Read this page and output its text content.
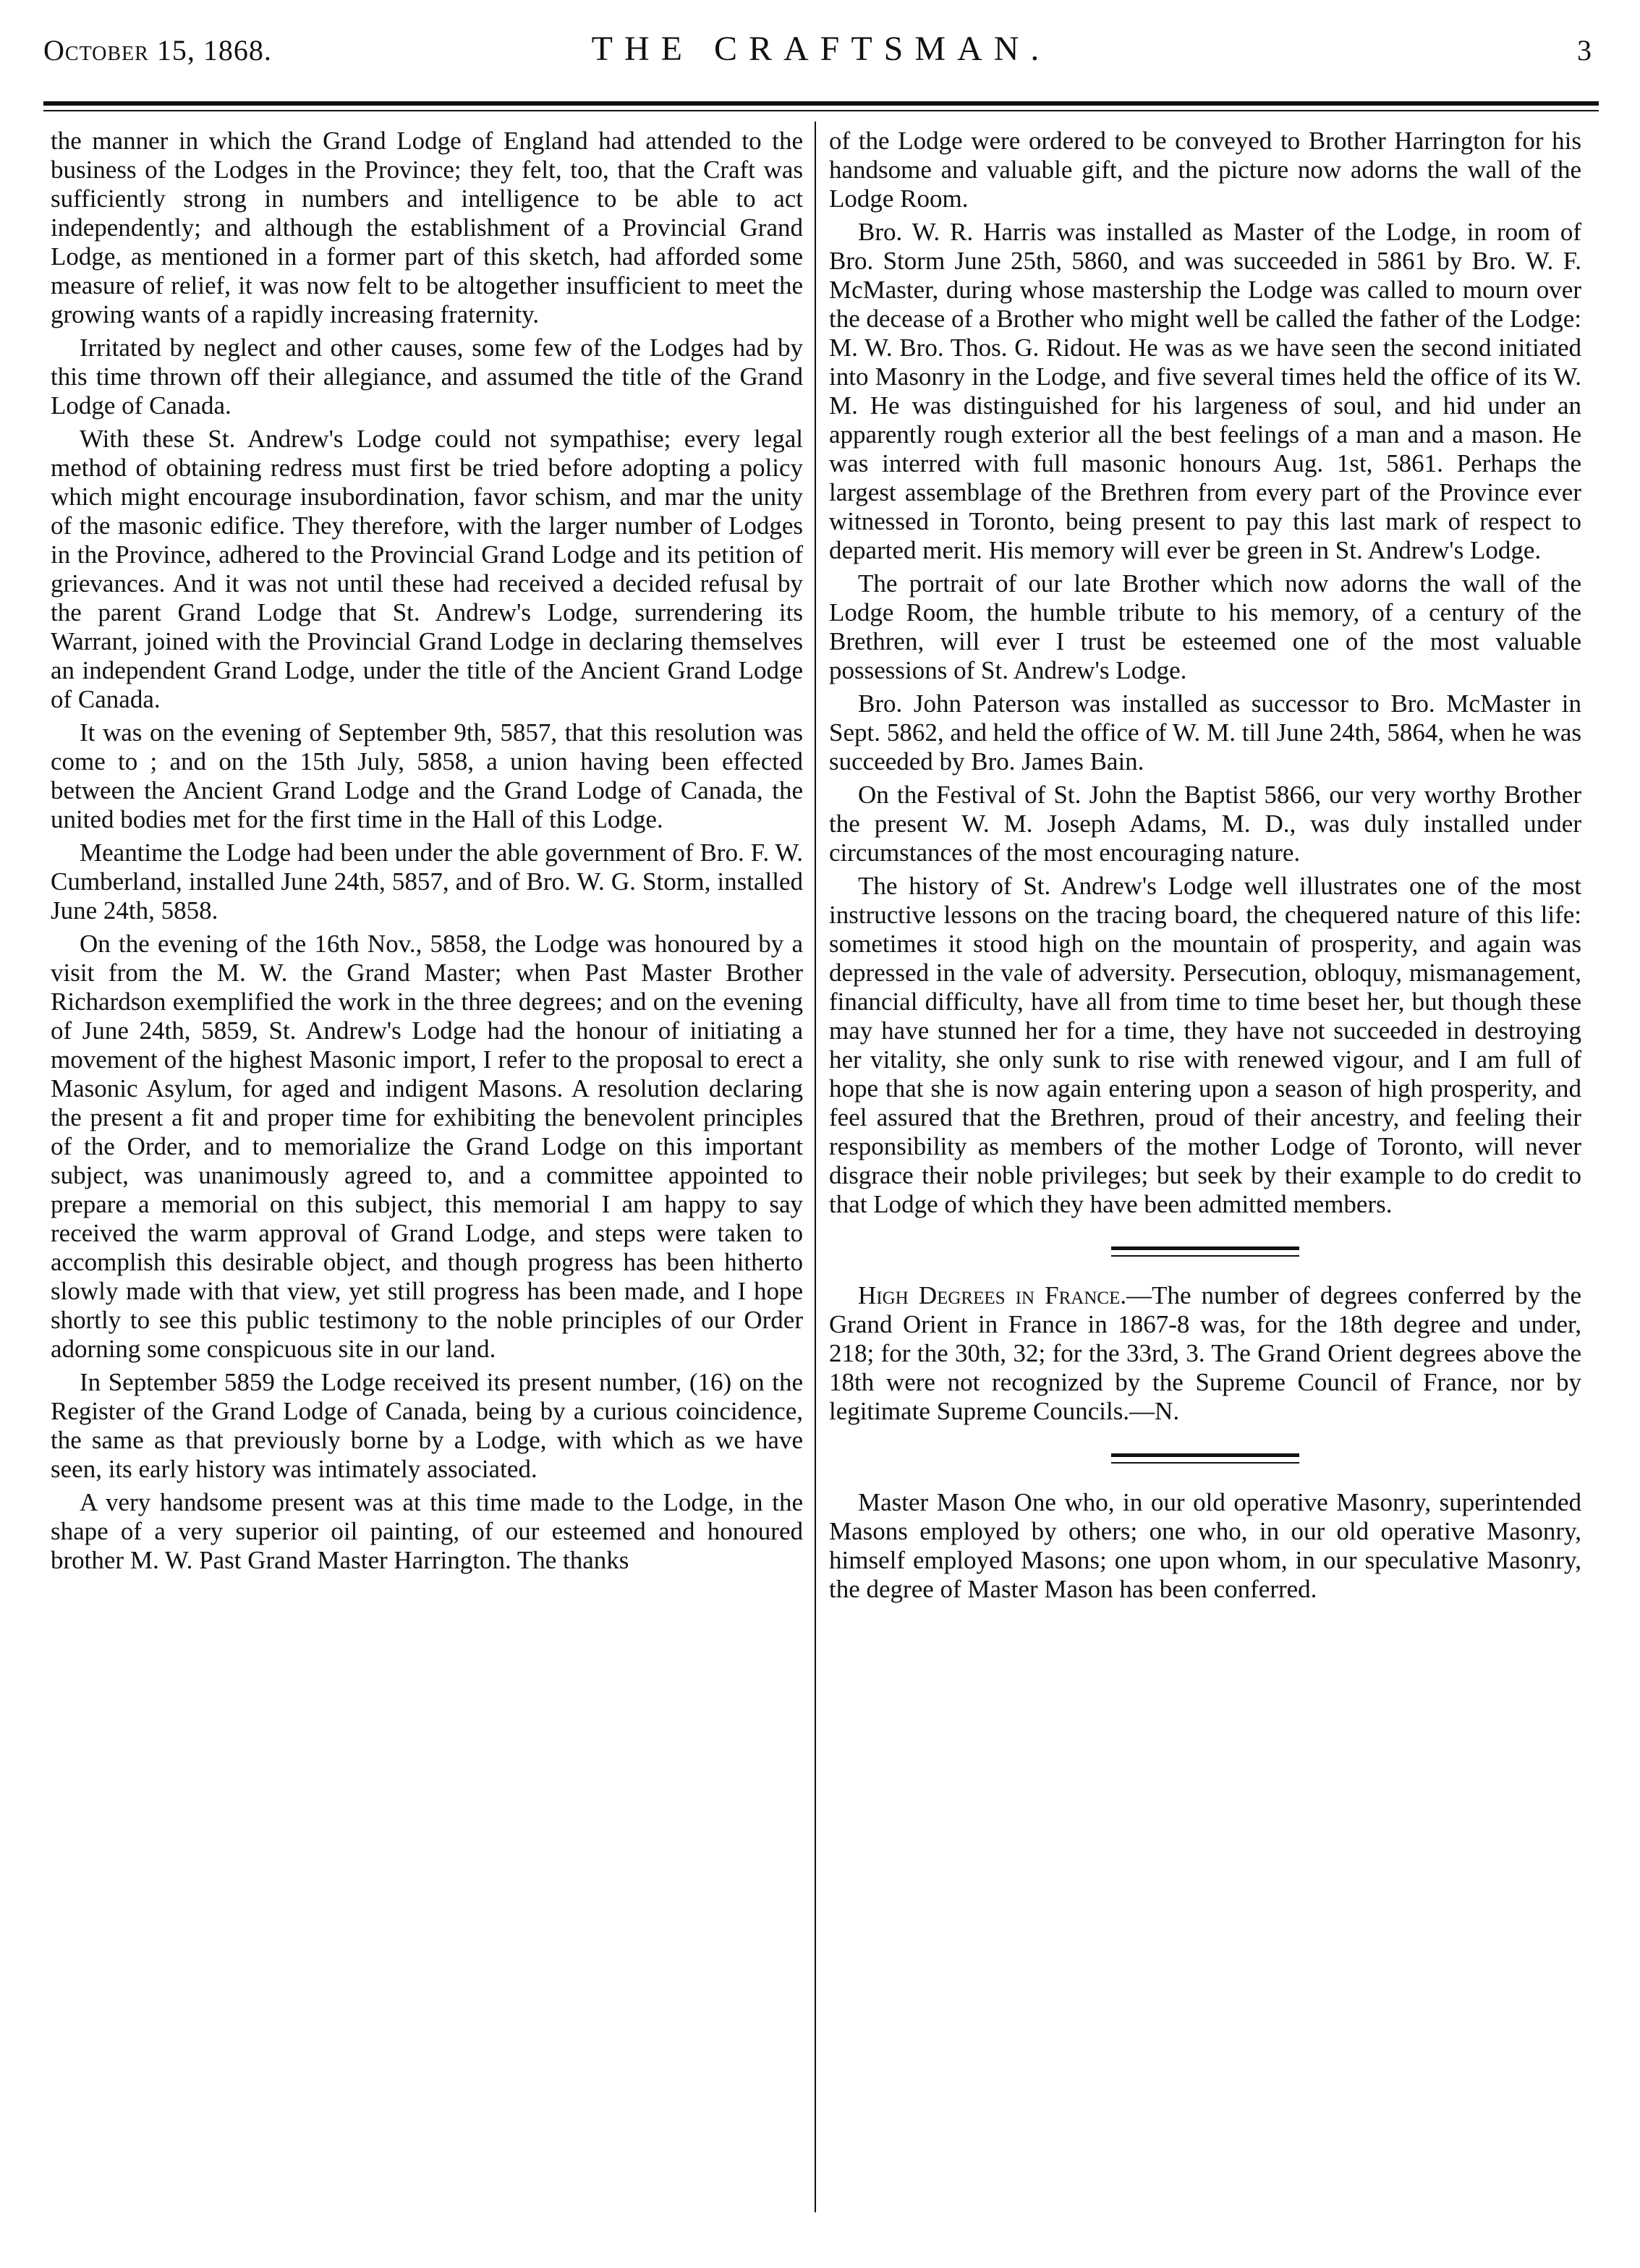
October 15, 1868.	THE CRAFTSMAN.	3

the manner in which the Grand Lodge of England had attended to the business of the Lodges in the Province; they felt, too, that the Craft was sufficiently strong in numbers and intelligence to be able to act independently; and although the establishment of a Provincial Grand Lodge, as mentioned in a former part of this sketch, had afforded some measure of relief, it was now felt to be altogether insufficient to meet the growing wants of a rapidly increasing fraternity.

Irritated by neglect and other causes, some few of the Lodges had by this time thrown off their allegiance, and assumed the title of the Grand Lodge of Canada.

With these St. Andrew's Lodge could not sympathise; every legal method of obtaining redress must first be tried before adopting a policy which might encourage insubordination, favor schism, and mar the unity of the masonic edifice. They therefore, with the larger number of Lodges in the Province, adhered to the Provincial Grand Lodge and its petition of grievances. And it was not until these had received a decided refusal by the parent Grand Lodge that St. Andrew's Lodge, surrendering its Warrant, joined with the Provincial Grand Lodge in declaring themselves an independent Grand Lodge, under the title of the Ancient Grand Lodge of Canada.

It was on the evening of September 9th, 5857, that this resolution was come to ; and on the 15th July, 5858, a union having been effected between the Ancient Grand Lodge and the Grand Lodge of Canada, the united bodies met for the first time in the Hall of this Lodge.

Meantime the Lodge had been under the able government of Bro. F. W. Cumberland, installed June 24th, 5857, and of Bro. W. G. Storm, installed June 24th, 5858.

On the evening of the 16th Nov., 5858, the Lodge was honoured by a visit from the M. W. the Grand Master; when Past Master Brother Richardson exemplified the work in the three degrees; and on the evening of June 24th, 5859, St. Andrew's Lodge had the honour of initiating a movement of the highest Masonic import, I refer to the proposal to erect a Masonic Asylum, for aged and indigent Masons. A resolution declaring the present a fit and proper time for exhibiting the benevolent principles of the Order, and to memorialize the Grand Lodge on this important subject, was unanimously agreed to, and a committee appointed to prepare a memorial on this subject, this memorial I am happy to say received the warm approval of Grand Lodge, and steps were taken to accomplish this desirable object, and though progress has been hitherto slowly made with that view, yet still progress has been made, and I hope shortly to see this public testimony to the noble principles of our Order adorning some conspicuous site in our land.

In September 5859 the Lodge received its present number, (16) on the Register of the Grand Lodge of Canada, being by a curious coincidence, the same as that previously borne by a Lodge, with which as we have seen, its early history was intimately associated.

A very handsome present was at this time made to the Lodge, in the shape of a very superior oil painting, of our esteemed and honoured brother M. W. Past Grand Master Harrington. The thanks

of the Lodge were ordered to be conveyed to Brother Harrington for his handsome and valuable gift, and the picture now adorns the wall of the Lodge Room.

Bro. W. R. Harris was installed as Master of the Lodge, in room of Bro. Storm June 25th, 5860, and was succeeded in 5861 by Bro. W. F. McMaster, during whose mastership the Lodge was called to mourn over the decease of a Brother who might well be called the father of the Lodge: M. W. Bro. Thos. G. Ridout. He was as we have seen the second initiated into Masonry in the Lodge, and five several times held the office of its W. M. He was distinguished for his largeness of soul, and hid under an apparently rough exterior all the best feelings of a man and a mason. He was interred with full masonic honours Aug. 1st, 5861. Perhaps the largest assemblage of the Brethren from every part of the Province ever witnessed in Toronto, being present to pay this last mark of respect to departed merit. His memory will ever be green in St. Andrew's Lodge.

The portrait of our late Brother which now adorns the wall of the Lodge Room, the humble tribute to his memory, of a century of the Brethren, will ever I trust be esteemed one of the most valuable possessions of St. Andrew's Lodge.

Bro. John Paterson was installed as successor to Bro. McMaster in Sept. 5862, and held the office of W. M. till June 24th, 5864, when he was succeeded by Bro. James Bain.

On the Festival of St. John the Baptist 5866, our very worthy Brother the present W. M. Joseph Adams, M. D., was duly installed under circumstances of the most encouraging nature.

The history of St. Andrew's Lodge well illustrates one of the most instructive lessons on the tracing board, the chequered nature of this life: sometimes it stood high on the mountain of prosperity, and again was depressed in the vale of adversity. Persecution, obloquy, mismanagement, financial difficulty, have all from time to time beset her, but though these may have stunned her for a time, they have not succeeded in destroying her vitality, she only sunk to rise with renewed vigour, and I am full of hope that she is now again entering upon a season of high prosperity, and feel assured that the Brethren, proud of their ancestry, and feeling their responsibility as members of the mother Lodge of Toronto, will never disgrace their noble privileges; but seek by their example to do credit to that Lodge of which they have been admitted members.

High Degrees in France.—The number of degrees conferred by the Grand Orient in France in 1867-8 was, for the 18th degree and under, 218; for the 30th, 32; for the 33rd, 3. The Grand Orient degrees above the 18th were not recognized by the Supreme Council of France, nor by legitimate Supreme Councils.—N.

Master Mason One who, in our old operative Masonry, superintended Masons employed by others; one who, in our old operative Masonry, himself employed Masons; one upon whom, in our speculative Masonry, the degree of Master Mason has been conferred.
